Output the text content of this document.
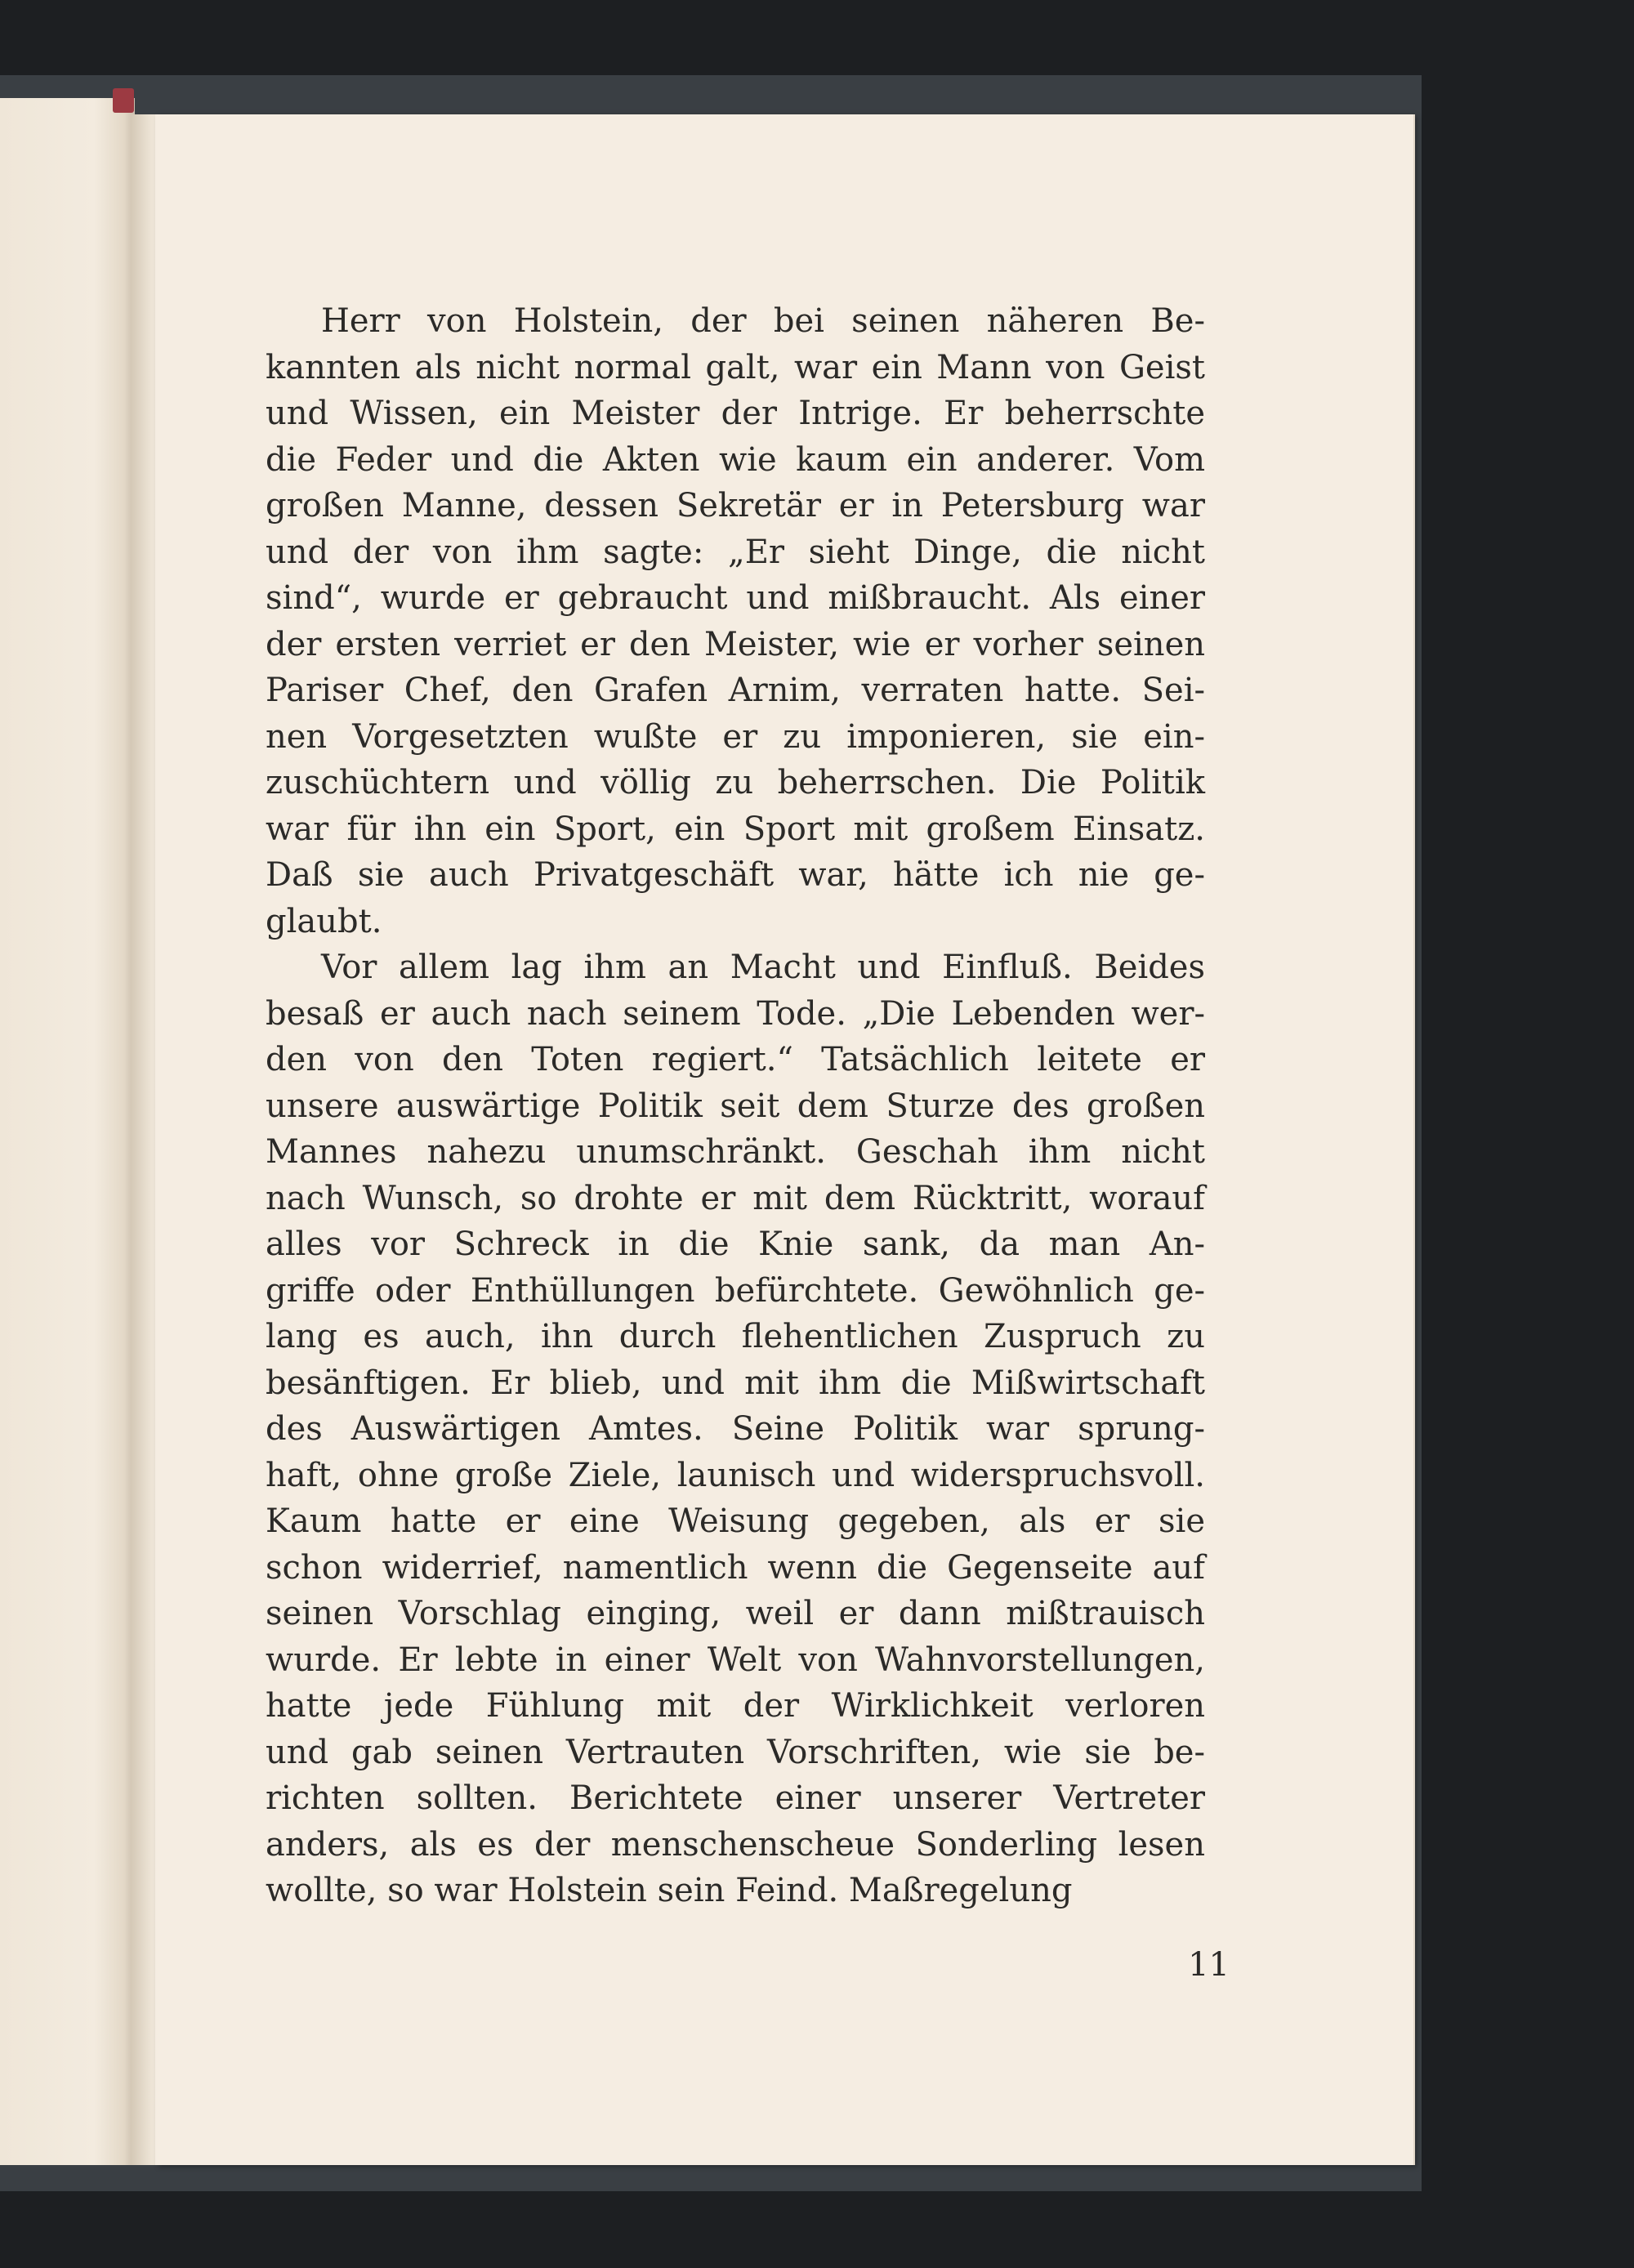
Herr von Holstein, der bei seinen näheren Be-
kannten als nicht normal galt, war ein Mann von Geist
und Wissen, ein Meister der Intrige. Er beherrschte
die Feder und die Akten wie kaum ein anderer. Vom
großen Manne, dessen Sekretär er in Petersburg war
und der von ihm sagte: „Er sieht Dinge, die nicht
sind“, wurde er gebraucht und mißbraucht. Als einer
der ersten verriet er den Meister, wie er vorher seinen
Pariser Chef, den Grafen Arnim, verraten hatte. Sei-
nen Vorgesetzten wußte er zu imponieren, sie ein-
zuschüchtern und völlig zu beherrschen. Die Politik
war für ihn ein Sport, ein Sport mit großem Einsatz.
Daß sie auch Privatgeschäft war, hätte ich nie ge-
glaubt.

Vor allem lag ihm an Macht und Einfluß. Beides
besaß er auch nach seinem Tode. „Die Lebenden wer-
den von den Toten regiert.“ Tatsächlich leitete er
unsere auswärtige Politik seit dem Sturze des großen
Mannes nahezu unumschränkt. Geschah ihm nicht
nach Wunsch, so drohte er mit dem Rücktritt, worauf
alles vor Schreck in die Knie sank, da man An-
griffe oder Enthüllungen befürchtete. Gewöhnlich ge-
lang es auch, ihn durch flehentlichen Zuspruch zu
besänftigen. Er blieb, und mit ihm die Mißwirtschaft
des Auswärtigen Amtes. Seine Politik war sprung-
haft, ohne große Ziele, launisch und widerspruchsvoll.
Kaum hatte er eine Weisung gegeben, als er sie
schon widerrief, namentlich wenn die Gegenseite auf
seinen Vorschlag einging, weil er dann mißtrauisch
wurde. Er lebte in einer Welt von Wahnvorstellungen,
hatte jede Fühlung mit der Wirklichkeit verloren
und gab seinen Vertrauten Vorschriften, wie sie be-
richten sollten. Berichtete einer unserer Vertreter
anders, als es der menschenscheue Sonderling lesen
wollte, so war Holstein sein Feind. Maßregelung

11
